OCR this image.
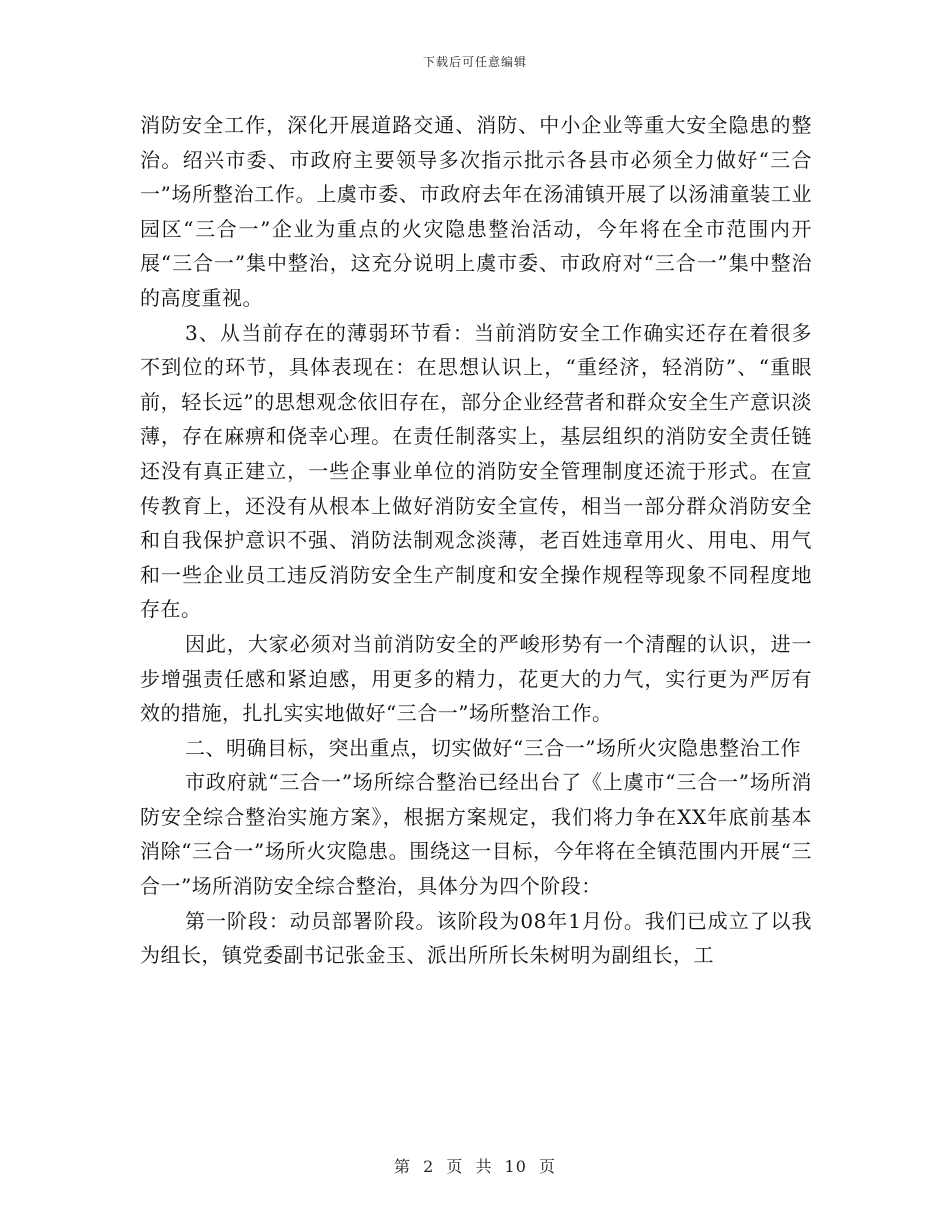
下载后可任意编辑

消防安全工作，深化开展道路交通、消防、中小企业等重大安全隐患的整治。绍兴市委、市政府主要领导多次指示批示各县市必须全力做好“三合一”场所整治工作。上虞市委、市政府去年在汤浦镇开展了以汤浦童装工业园区“三合一”企业为重点的火灾隐患整治活动，今年将在全市范围内开展“三合一”集中整治，这充分说明上虞市委、市政府对“三合一”集中整治的高度重视。

3、从当前存在的薄弱环节看：当前消防安全工作确实还存在着很多不到位的环节，具体表现在：在思想认识上，“重经济，轻消防”、“重眼前，轻长远”的思想观念依旧存在，部分企业经营者和群众安全生产意识淡薄，存在麻痹和侥幸心理。在责任制落实上，基层组织的消防安全责任链还没有真正建立，一些企事业单位的消防安全管理制度还流于形式。在宣传教育上，还没有从根本上做好消防安全宣传，相当一部分群众消防安全和自我保护意识不强、消防法制观念淡薄，老百姓违章用火、用电、用气和一些企业员工违反消防安全生产制度和安全操作规程等现象不同程度地存在。

因此，大家必须对当前消防安全的严峻形势有一个清醒的认识，进一步增强责任感和紧迫感，用更多的精力，花更大的力气，实行更为严厉有效的措施，扎扎实实地做好“三合一”场所整治工作。

二、明确目标，突出重点，切实做好“三合一”场所火灾隐患整治工作

市政府就“三合一”场所综合整治已经出台了《上虞市“三合一”场所消防安全综合整治实施方案》，根据方案规定，我们将力争在XX年底前基本消除“三合一”场所火灾隐患。围绕这一目标，今年将在全镇范围内开展“三合一”场所消防安全综合整治，具体分为四个阶段：

第一阶段：动员部署阶段。该阶段为08年1月份。我们已成立了以我为组长，镇党委副书记张金玉、派出所所长朱树明为副组长，工

第 2 页 共 10 页
